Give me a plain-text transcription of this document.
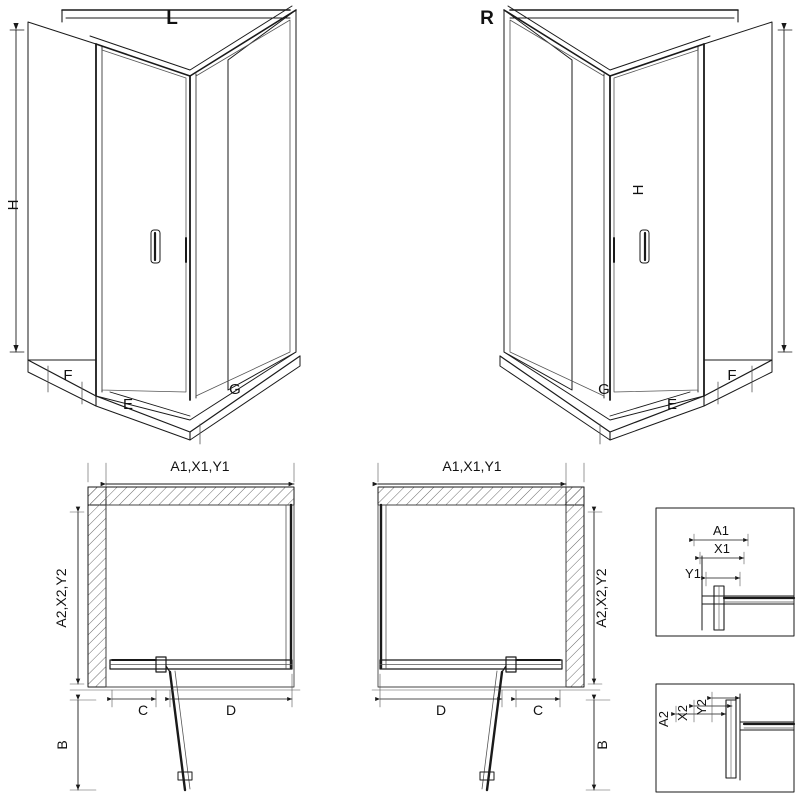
L	R
H
H
F
E
G	G
E
F
A1,X1,Y1
A2,X2,Y2
C	D
B
A1,X1,Y1
A2,X2,Y2
D	C
B
A1
X1
Y1
A2 X2 Y2
